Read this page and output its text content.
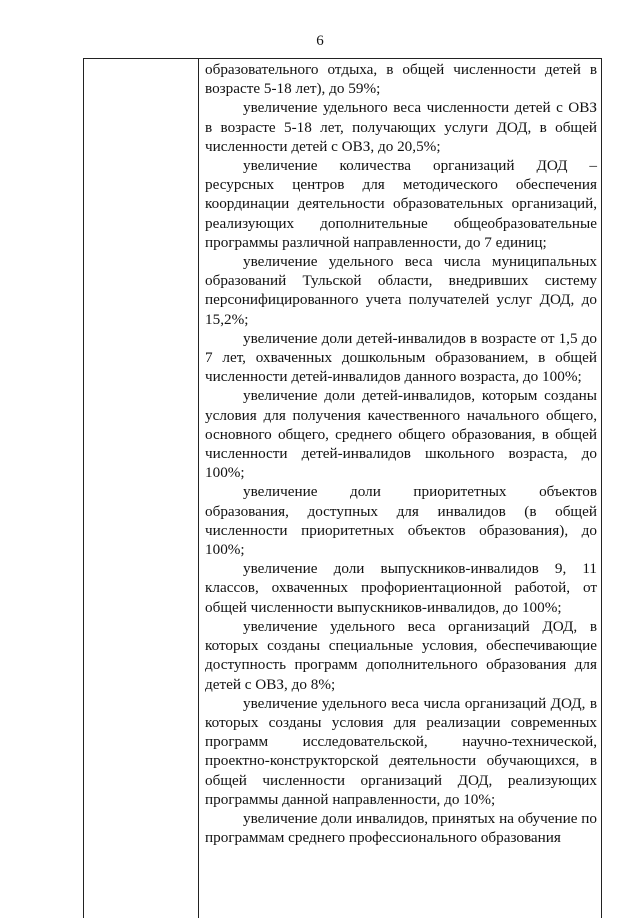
6

образовательного отдыха, в общей численности детей в возрасте 5-18 лет), до 59%;

увеличение удельного веса численности детей с ОВЗ в возрасте 5-18 лет, получающих услуги ДОД, в общей численности детей с ОВЗ, до 20,5%;

увеличение количества организаций ДОД – ресурсных центров для методического обеспечения координации деятельности образовательных организаций, реализующих дополнительные общеобразовательные программы различной направленности, до 7 единиц;

увеличение удельного веса числа муниципальных образований Тульской области, внедривших систему персонифицированного учета получателей услуг ДОД, до 15,2%;

увеличение доли детей-инвалидов в возрасте от 1,5 до 7 лет, охваченных дошкольным образованием, в общей численности детей-инвалидов данного возраста, до 100%;

увеличение доли детей-инвалидов, которым созданы условия для получения качественного начального общего, основного общего, среднего общего образования, в общей численности детей-инвалидов школьного возраста, до 100%;

увеличение доли приоритетных объектов образования, доступных для инвалидов (в общей численности приоритетных объектов образования), до 100%;

увеличение доли выпускников-инвалидов 9, 11 классов, охваченных профориентационной работой, от общей численности выпускников-инвалидов, до 100%;

увеличение удельного веса организаций ДОД, в которых созданы специальные условия, обеспечивающие доступность программ дополнительного образования для детей с ОВЗ, до 8%;

увеличение удельного веса числа организаций ДОД, в которых созданы условия для реализации современных программ исследовательской, научно-технической, проектно-конструкторской деятельности обучающихся, в общей численности организаций ДОД, реализующих программы данной направленности, до 10%;

увеличение доли инвалидов, принятых на обучение по программам среднего профессионального образования
